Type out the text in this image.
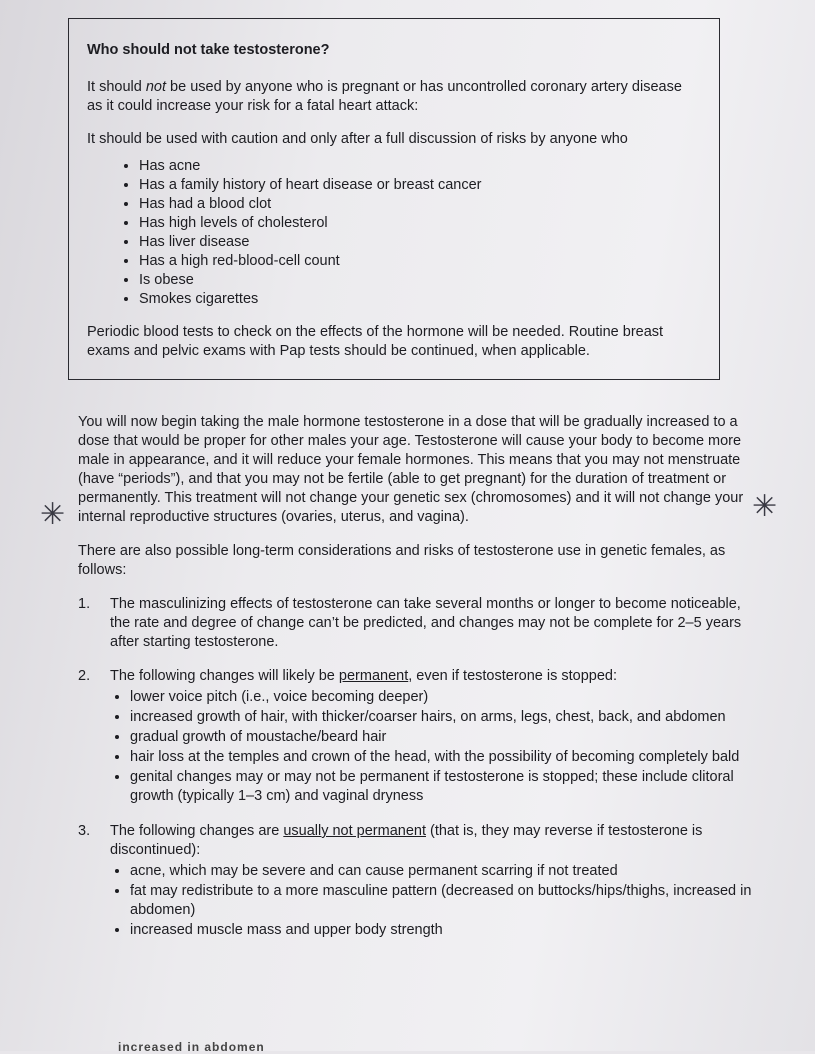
Who should not take testosterone?

It should not be used by anyone who is pregnant or has uncontrolled coronary artery disease as it could increase your risk for a fatal heart attack:

It should be used with caution and only after a full discussion of risks by anyone who

• Has acne
• Has a family history of heart disease or breast cancer
• Has had a blood clot
• Has high levels of cholesterol
• Has liver disease
• Has a high red-blood-cell count
• Is obese
• Smokes cigarettes

Periodic blood tests to check on the effects of the hormone will be needed. Routine breast exams and pelvic exams with Pap tests should be continued, when applicable.

✳	✳

You will now begin taking the male hormone testosterone in a dose that will be gradually increased to a dose that would be proper for other males your age. Testosterone will cause your body to become more male in appearance, and it will reduce your female hormones. This means that you may not menstruate (have “periods”), and that you may not be fertile (able to get pregnant) for the duration of treatment or permanently. This treatment will not change your genetic sex (chromosomes) and it will not change your internal reproductive structures (ovaries, uterus, and vagina).

There are also possible long-term considerations and risks of testosterone use in genetic females, as follows:

1.	The masculinizing effects of testosterone can take several months or longer to become noticeable, the rate and degree of change can’t be predicted, and changes may not be complete for 2–5 years after starting testosterone.
2.	The following changes will likely be permanent, even if testosterone is stopped:
• lower voice pitch (i.e., voice becoming deeper)
• increased growth of hair, with thicker/coarser hairs, on arms, legs, chest, back, and abdomen
• gradual growth of moustache/beard hair
• hair loss at the temples and crown of the head, with the possibility of becoming completely bald
• genital changes may or may not be permanent if testosterone is stopped; these include clitoral growth (typically 1–3 cm) and vaginal dryness
3.	The following changes are usually not permanent (that is, they may reverse if testosterone is discontinued):
• acne, which may be severe and can cause permanent scarring if not treated
• fat may redistribute to a more masculine pattern (decreased on buttocks/hips/thighs, increased in abdomen)
• increased muscle mass and upper body strength
increased in abdomen
